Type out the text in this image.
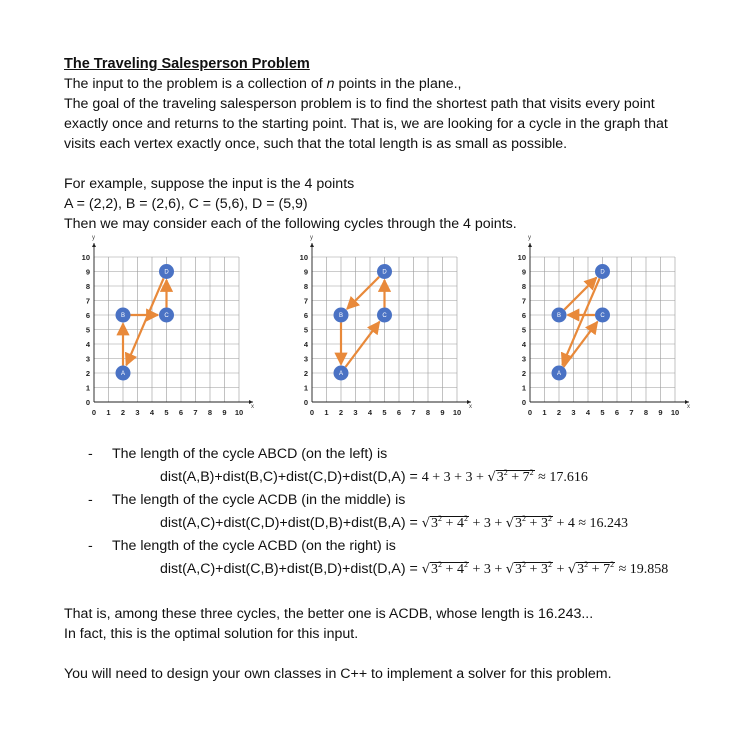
The Traveling Salesperson Problem

The input to the problem is a collection of n points in the plane.,

The goal of the traveling salesperson problem is to find the shortest path that visits every point

exactly once and returns to the starting point. That is, we are looking for a cycle in the graph that

visits each vertex exactly once, such that the total length is as small as possible.

For example, suppose the input is the 4 points

A = (2,2), B = (2,6), C = (5,6), D = (5,9)

Then we may consider each of the following cycles through the 4 points.

x
y
0 1 2 3 4 5 6 7 8 9 10
0
1
2
3
4
5
6
7
8
9
10
A
B	C
D
x
y
0 1 2 3 4 5 6 7 8 9 10
0
1
2
3
4
5
6
7
8
9
10
A
B	C
D
x
y
0 1 2 3 4 5 6 7 8 9 10
0
1
2
3
4
5
6
7
8
9
10
A
B	C
D
- The length of the cycle ABCD (on the left) is
dist(A,B)+dist(B,C)+dist(C,D)+dist(D,A) = $4 + 3 + 3 + √3^2 + 7^2 \approx 17.616$
- The length of the cycle ACDB (in the middle) is
dist(A,C)+dist(C,D)+dist(D,B)+dist(B,A) = $√3^2 + 4^2 + 3 + √3^2 + 3^2 + 4 \approx 16.243$
- The length of the cycle ACBD (on the right) is
dist(A,C)+dist(C,B)+dist(B,D)+dist(D,A) = $√3^2 + 4^2 + 3 + √3^2 + 3^2 + √3^2 + 7^2 \approx 19.858$

That is, among these three cycles, the better one is ACDB, whose length is 16.243...

In fact, this is the optimal solution for this input.

You will need to design your own classes in C++ to implement a solver for this problem.
